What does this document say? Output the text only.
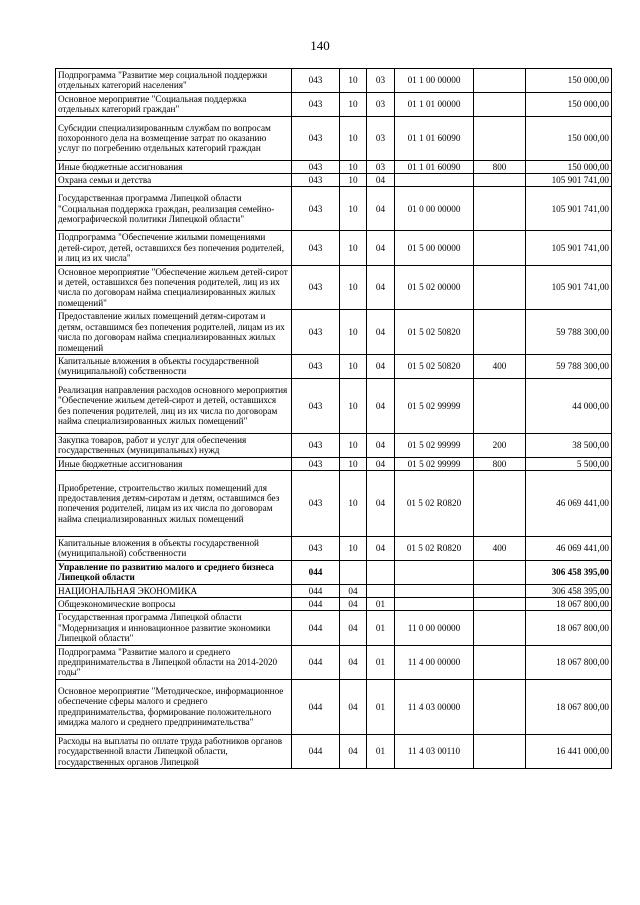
140
Подпрограмма "Развитие мер социальной поддержки отдельных категорий населения"	043	10	03	01 1 00 00000		150 000,00
Основное мероприятие "Социальная поддержка отдельных категорий граждан"	043	10	03	01 1 01 00000		150 000,00
Субсидии специализированным службам по вопросам похоронного дела на возмещение затрат по оказанию услуг по погребению отдельных категорий граждан	043	10	03	01 1 01 60090		150 000,00
Иные бюджетные ассигнования	043	10	03	01 1 01 60090	800	150 000,00
Охрана семьи и детства	043	10	04			105 901 741,00
Государственная программа Липецкой области "Социальная поддержка граждан, реализация семейно-демографической политики Липецкой области"	043	10	04	01 0 00 00000		105 901 741,00
Подпрограмма "Обеспечение жилыми помещениями детей-сирот, детей, оставшихся без попечения родителей, и лиц из их числа"	043	10	04	01 5 00 00000		105 901 741,00
Основное мероприятие "Обеспечение жильем детей-сирот и детей, оставшихся без попечения родителей, лиц из их числа по договорам найма специализированных жилых помещений"	043	10	04	01 5 02 00000		105 901 741,00
Предоставление жилых помещений детям-сиротам и детям, оставшимся без попечения родителей, лицам из их числа по договорам найма специализированных жилых помещений	043	10	04	01 5 02 50820		59 788 300,00
Капитальные вложения в объекты государственной (муниципальной) собственности	043	10	04	01 5 02 50820	400	59 788 300,00
Реализация направления расходов основного мероприятия "Обеспечение жильем детей-сирот и детей, оставшихся без попечения родителей, лиц из их числа по договорам найма специализированных жилых помещений"	043	10	04	01 5 02 99999		44 000,00
Закупка товаров, работ и услуг для обеспечения государственных (муниципальных) нужд	043	10	04	01 5 02 99999	200	38 500,00
Иные бюджетные ассигнования	043	10	04	01 5 02 99999	800	5 500,00
Приобретение, строительство жилых помещений для предоставления детям-сиротам и детям, оставшимся без попечения родителей, лицам из их числа по договорам найма специализированных жилых помещений	043	10	04	01 5 02 R0820		46 069 441,00
Капитальные вложения в объекты государственной (муниципальной) собственности	043	10	04	01 5 02 R0820	400	46 069 441,00
Управление по развитию малого и среднего бизнеса Липецкой области	044					306 458 395,00
НАЦИОНАЛЬНАЯ ЭКОНОМИКА	044	04				306 458 395,00
Общеэкономические вопросы	044	04	01			18 067 800,00
Государственная программа Липецкой области "Модернизация и инновационное развитие экономики Липецкой области"	044	04	01	11 0 00 00000		18 067 800,00
Подпрограмма "Развитие малого и среднего предпринимательства в Липецкой области на 2014-2020 годы"	044	04	01	11 4 00 00000		18 067 800,00
Основное мероприятие "Методическое, информационное обеспечение сферы малого и среднего предпринимательства, формирование положительного имиджа малого и среднего предпринимательства"	044	04	01	11 4 03 00000		18 067 800,00
Расходы на выплаты по оплате труда работников органов государственной власти Липецкой области, государственных органов Липецкой	044	04	01	11 4 03 00110		16 441 000,00
